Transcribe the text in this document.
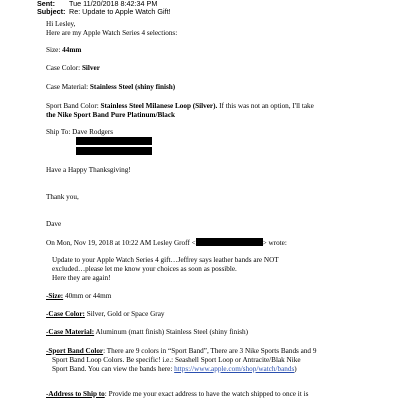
Sent: Tue 11/20/2018 8:42:34 PM
Subject: Re: Update to Apple Watch Gift!
Hi Lesley,
Here are my Apple Watch Series 4 selections:
Size: 44mm
Case Color: Silver
Case Material: Stainless Steel (shiny finish)
Sport Band Color: Stainless Steel Milanese Loop (Silver). If this was not an option, I'll take
the Nike Sport Band Pure Platinum/Black
Ship To: Dave Rodgers
Have a Happy Thanksgiving!
Thank you,
Dave
On Mon, Nov 19, 2018 at 10:22 AM Lesley Groff <	> wrote:
Update to your Apple Watch Series 4 gift…Jeffrey says leather bands are NOT
excluded…please let me know your choices as soon as possible.
Here they are again!
-Size: 40mm or 44mm
-Case Color: Silver, Gold or Space Gray
-Case Material: Aluminum (matt finish) Stainless Steel (shiny finish)
-Sport Band Color: There are 9 colors in “Sport Band”, There are 3 Nike Sports Bands and 9
Sport Band Loop Colors. Be specific! i.e.: Seashell Sport Loop or Antracite/Blak Nike
Sport Band. You can view the bands here: https://www.apple.com/shop/watch/bands)
-Address to Ship to: Provide me your exact address to have the watch shipped to once it is
